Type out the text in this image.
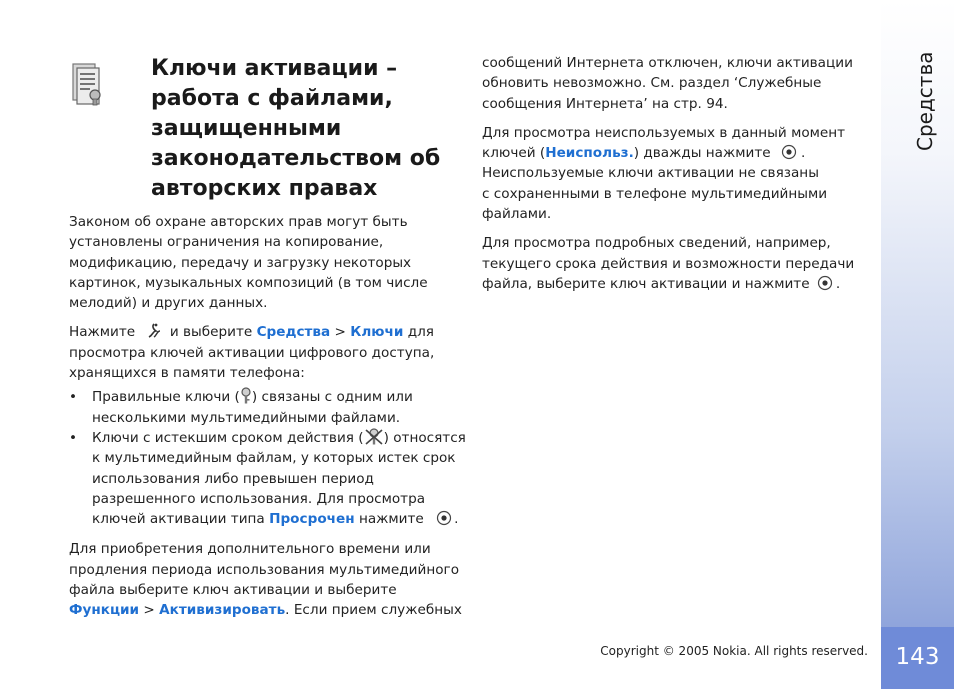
Ключи активации –
работа с файлами,
защищенными
законодательством об
авторских правах

Законом об охране авторских прав могут быть
установлены ограничения на копирование,
модификацию, передачу и загрузку некоторых
картинок, музыкальных композиций (в том числе
мелодий) и других данных.

Нажмите	и выберите Средства > Ключи для
просмотра ключей активации цифрового доступа,
хранящихся в памяти телефона:

• Правильные ключи ( ) связаны с одним или
несколькими мультимедийными файлами.
• Ключи с истекшим сроком действия ( ) относятся
к мультимедийным файлам, у которых истек срок
использования либо превышен период
разрешенного использования. Для просмотра
ключей активации типа Просрочен нажмите .

Для приобретения дополнительного времени или
продления периода использования мультимедийного
файла выберите ключ активации и выберите
Функции > Активизировать. Если прием служебных

сообщений Интернета отключен, ключи активации
обновить невозможно. См. раздел ‘Служебные
сообщения Интернета’ на стр. 94.

Для просмотра неиспользуемых в данный момент
ключей (Неиспольз.) дважды нажмите .
Неиспользуемые ключи активации не связаны
с сохраненными в телефоне мультимедийными
файлами.

Для просмотра подробных сведений, например,
текущего срока действия и возможности передачи
файла, выберите ключ активации и нажмите .

Средства
143
Copyright © 2005 Nokia. All rights reserved.
